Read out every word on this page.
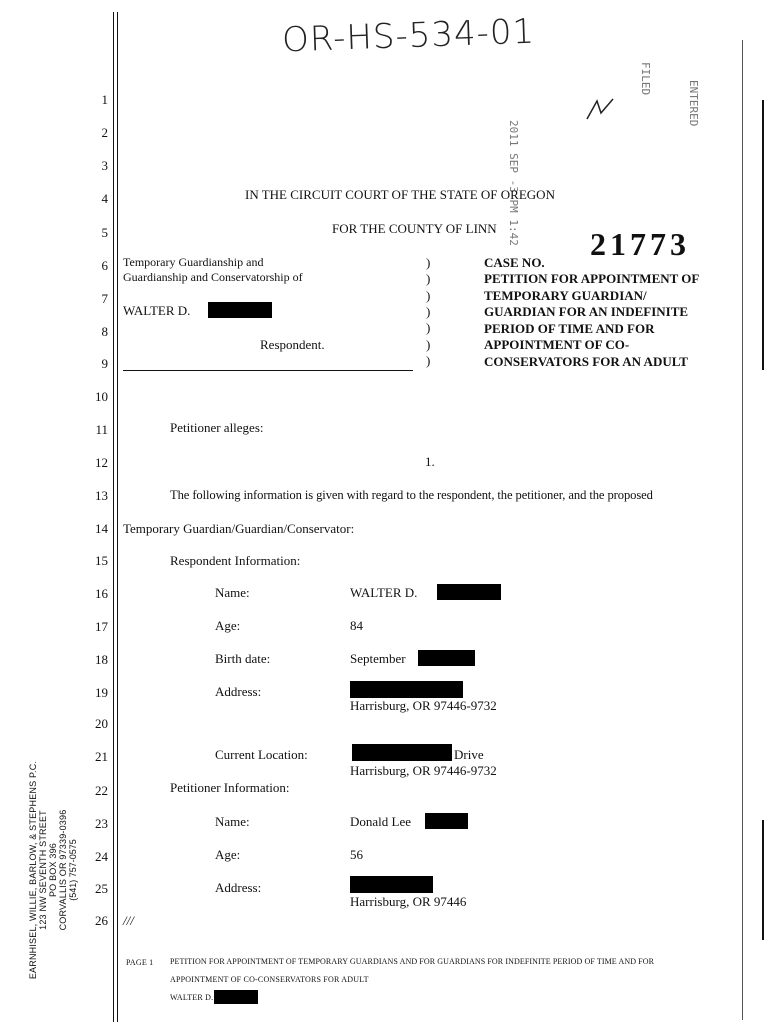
OR-HS-534-01
2011 SEP -3 PM 1:42
FILED
ENTERED
1
2
3
4
5
6
7
8
9
10
11
12
13
14
15
16
17
18
19
20
21
22
23
24
25
26
IN THE CIRCUIT COURT OF THE STATE OF OREGON
FOR THE COUNTY OF LINN
Temporary Guardianship and
Guardianship and Conservatorship of
WALTER D.
Respondent.
)
)
)
)
)
)
)
CASE NO.
21773
PETITION FOR APPOINTMENT OF
TEMPORARY GUARDIAN/
GUARDIAN FOR AN INDEFINITE
PERIOD OF TIME AND FOR
APPOINTMENT OF CO-
CONSERVATORS FOR AN ADULT
Petitioner alleges:
1.
The following information is given with regard to the respondent, the petitioner, and the proposed
Temporary Guardian/Guardian/Conservator:
Respondent Information:
Name:	WALTER D.
Age:	84
Birth date:	September
Address:
Harrisburg, OR 97446-9732
Current Location:	Drive
Harrisburg, OR 97446-9732
Petitioner Information:
Name:	Donald Lee
Age:	56
Address:
Harrisburg, OR 97446
///
EARNHISEL, WILLIE, BARLOW, & STEPHENS P.C. 123 NW SEVENTH STREET PO BOX 396 CORVALLIS OR 97339-0396 (541) 757-0575
PAGE 1 PETITION FOR APPOINTMENT OF TEMPORARY GUARDIANS AND FOR GUARDIANS FOR INDEFINITE PERIOD OF TIME AND FOR
APPOINTMENT OF CO-CONSERVATORS FOR ADULT
WALTER D.
